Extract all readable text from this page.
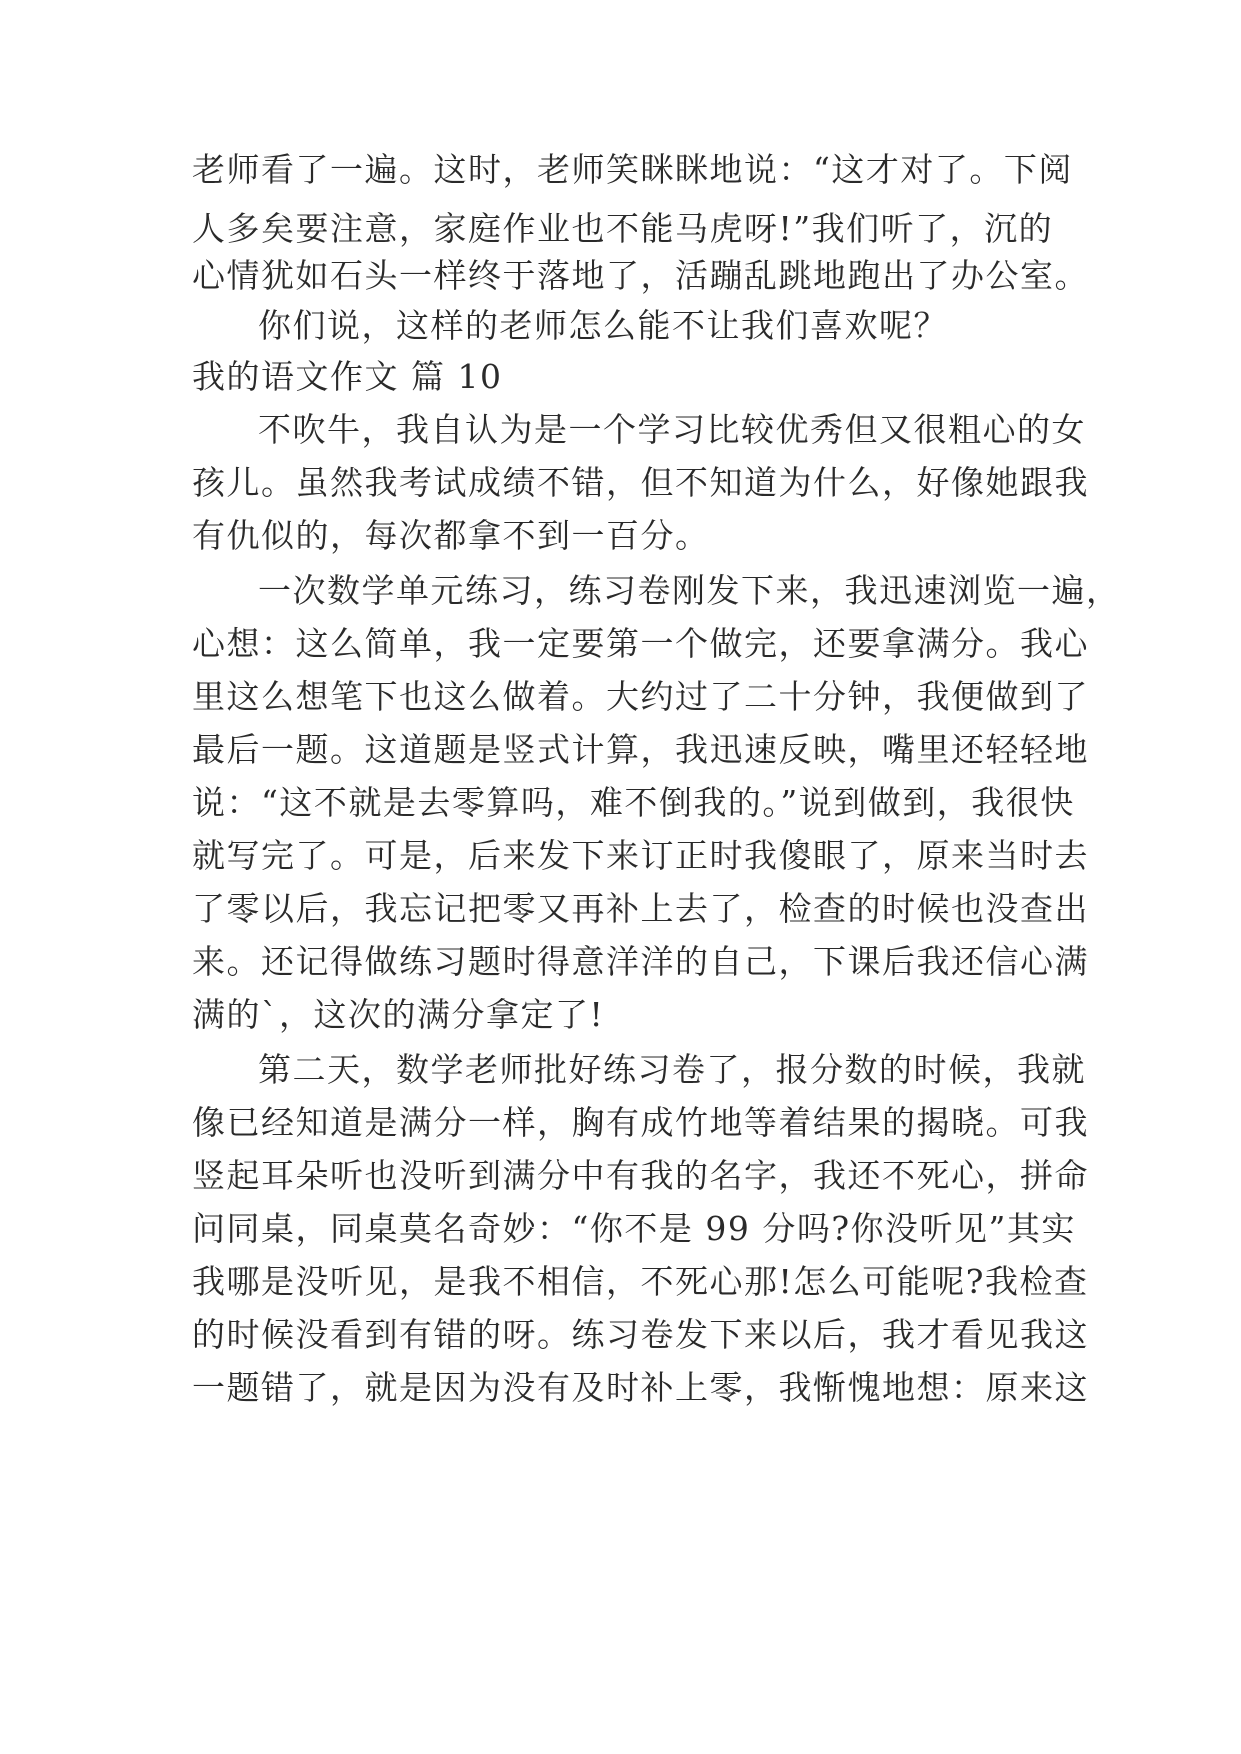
老师看了一遍。这时，老师笑眯眯地说：“这才对了。下阅
人多矣要注意，家庭作业也不能马虎呀!”我们听了，沉的
心情犹如石头一样终于落地了，活蹦乱跳地跑出了办公室。
你们说，这样的老师怎么能不让我们喜欢呢？
我的语文作文 篇 10
不吹牛，我自认为是一个学习比较优秀但又很粗心的女
孩儿。虽然我考试成绩不错，但不知道为什么，好像她跟我
有仇似的，每次都拿不到一百分。
一次数学单元练习，练习卷刚发下来，我迅速浏览一遍，
心想：这么简单，我一定要第一个做完，还要拿满分。我心
里这么想笔下也这么做着。大约过了二十分钟，我便做到了
最后一题。这道题是竖式计算，我迅速反映，嘴里还轻轻地
说：“这不就是去零算吗，难不倒我的。”说到做到，我很快
就写完了。可是，后来发下来订正时我傻眼了，原来当时去
了零以后，我忘记把零又再补上去了，检查的时候也没查出
来。还记得做练习题时得意洋洋的自己，下课后我还信心满
满的`，这次的满分拿定了!
第二天，数学老师批好练习卷了，报分数的时候，我就
像已经知道是满分一样，胸有成竹地等着结果的揭晓。可我
竖起耳朵听也没听到满分中有我的名字，我还不死心，拼命
问同桌，同桌莫名奇妙：“你不是 99 分吗?你没听见”其实
我哪是没听见，是我不相信，不死心那!怎么可能呢?我检查
的时候没看到有错的呀。练习卷发下来以后，我才看见我这
一题错了，就是因为没有及时补上零，我惭愧地想：原来这
